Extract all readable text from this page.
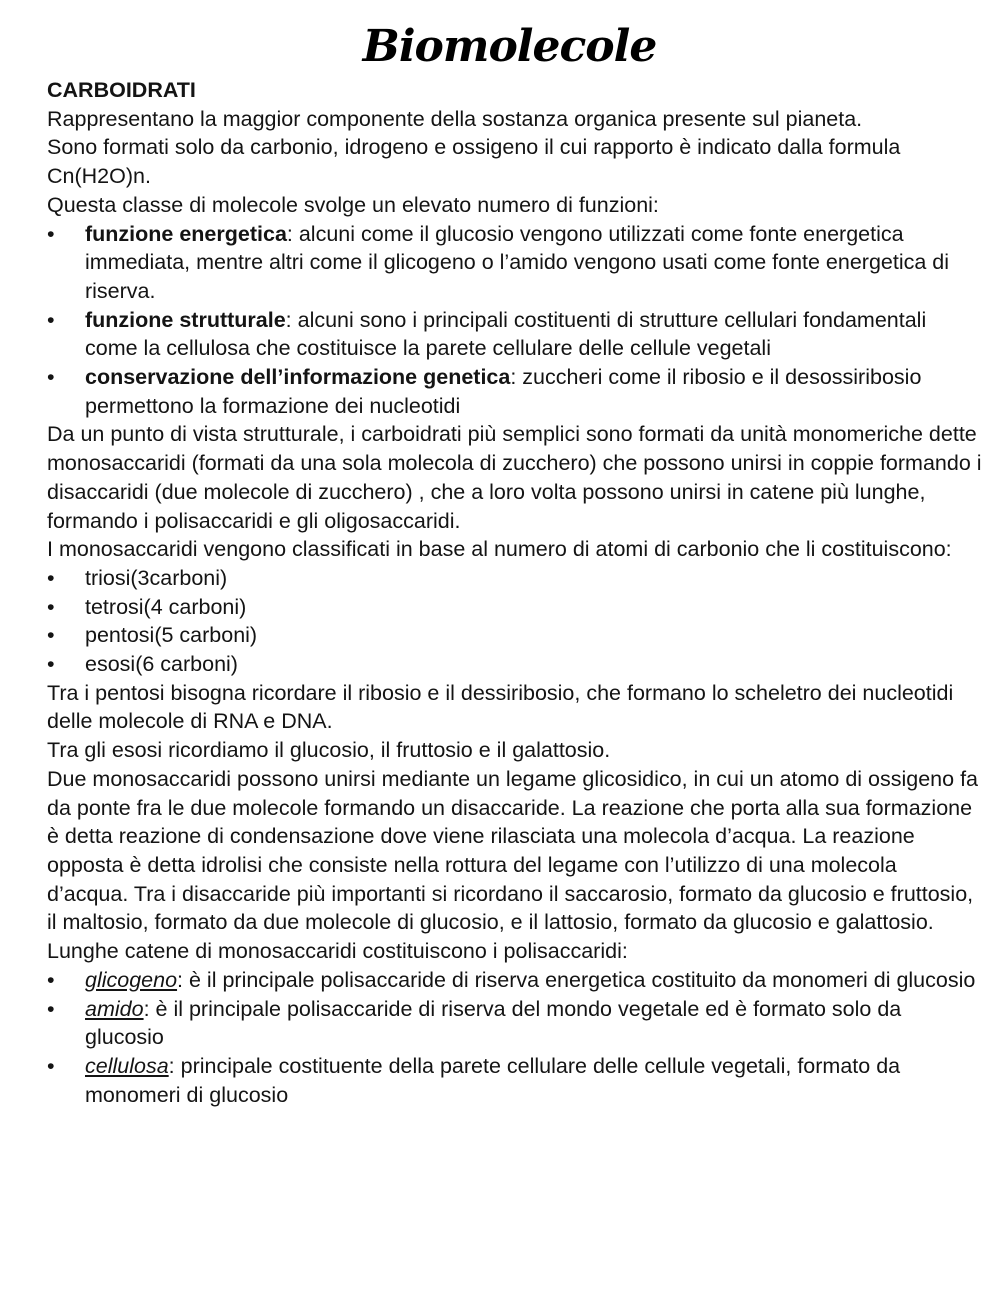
Biomolecole
CARBOIDRATI

Rappresentano la maggior componente della sostanza organica presente sul pianeta.

Sono formati solo da carbonio, idrogeno e ossigeno il cui rapporto è indicato dalla formula Cn(H2O)n.

Questa classe di molecole svolge un elevato numero di funzioni:

•	funzione energetica: alcuni come il glucosio vengono utilizzati come fonte energetica immediata, mentre altri come il glicogeno o l’amido vengono usati come fonte energetica di riserva.
•	funzione strutturale: alcuni sono i principali costituenti di strutture cellulari fondamentali come la cellulosa che costituisce la parete cellulare delle cellule vegetali
•	conservazione dell’informazione genetica: zuccheri come il ribosio e il desossiribosio permettono la formazione dei nucleotidi

Da un punto di vista strutturale, i carboidrati più semplici sono formati da unità monomeriche dette monosaccaridi (formati da una sola molecola di zucchero) che possono unirsi in coppie formando i disaccaridi (due molecole di zucchero) , che a loro volta possono unirsi in catene più lunghe, formando i polisaccaridi e gli oligosaccaridi.

I monosaccaridi vengono classificati in base al numero di atomi di carbonio che li costituiscono:

•	triosi(3carboni)
•	tetrosi(4 carboni)
•	pentosi(5 carboni)
•	esosi(6 carboni)

Tra i pentosi bisogna ricordare il ribosio e il dessiribosio, che formano lo scheletro dei nucleotidi delle molecole di RNA e DNA.

Tra gli esosi ricordiamo il glucosio, il fruttosio e il galattosio.

Due monosaccaridi possono unirsi mediante un legame glicosidico, in cui un atomo di ossigeno fa da ponte fra le due molecole formando un disaccaride. La reazione che porta alla sua formazione è detta reazione di condensazione dove viene rilasciata una molecola d’acqua. La reazione opposta è detta idrolisi che consiste nella rottura del legame con l’utilizzo di una molecola d’acqua. Tra i disaccaride più importanti si ricordano il saccarosio, formato da glucosio e fruttosio, il maltosio, formato da due molecole di glucosio, e il lattosio, formato da glucosio e galattosio.

Lunghe catene di monosaccaridi costituiscono i polisaccaridi:

•	glicogeno: è il principale polisaccaride di riserva energetica costituito da monomeri di glucosio
•	amido: è il principale polisaccaride di riserva del mondo vegetale ed è formato solo da glucosio
•	cellulosa: principale costituente della parete cellulare delle cellule vegetali, formato da monomeri di glucosio
